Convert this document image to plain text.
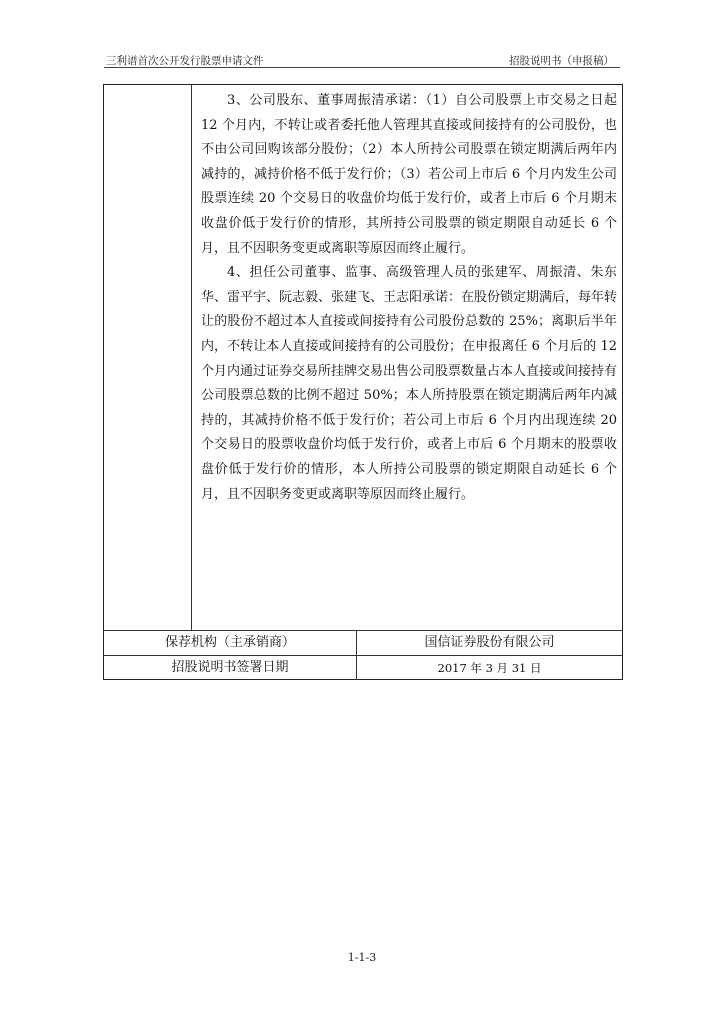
三利谱首次公开发行股票申请文件	招股说明书（申报稿）

3、公司股东、董事周振清承诺：（1）自公司股票上市交易之日起 12 个月内，不转让或者委托他人管理其直接或间接持有的公司股份，也不由公司回购该部分股份；（2）本人所持公司股票在锁定期满后两年内减持的，减持价格不低于发行价；（3）若公司上市后 6 个月内发生公司股票连续 20 个交易日的收盘价均低于发行价，或者上市后 6 个月期末收盘价低于发行价的情形，其所持公司股票的锁定期限自动延长 6 个月，且不因职务变更或离职等原因而终止履行。

4、担任公司董事、监事、高级管理人员的张建军、周振清、朱东华、雷平宇、阮志毅、张建飞、王志阳承诺：在股份锁定期满后，每年转让的股份不超过本人直接或间接持有公司股份总数的 25%；离职后半年内，不转让本人直接或间接持有的公司股份；在申报离任 6 个月后的 12 个月内通过证券交易所挂牌交易出售公司股票数量占本人直接或间接持有公司股票总数的比例不超过 50%；本人所持股票在锁定期满后两年内减持的，其减持价格不低于发行价；若公司上市后 6 个月内出现连续 20 个交易日的股票收盘价均低于发行价，或者上市后 6 个月期末的股票收盘价低于发行价的情形，本人所持公司股票的锁定期限自动延长 6 个月，且不因职务变更或离职等原因而终止履行。

保荐机构（主承销商）	国信证券股份有限公司
招股说明书签署日期	2017 年 3 月 31 日
1-1-3
